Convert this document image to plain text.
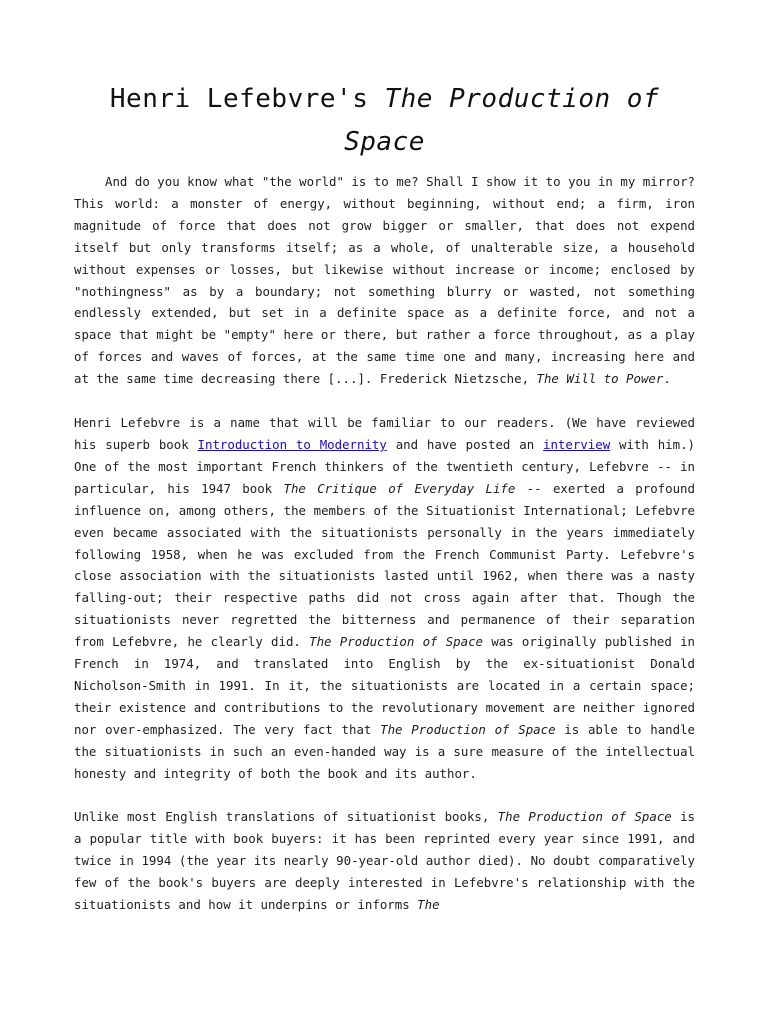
Henri Lefebvre's The Production of Space

And do you know what "the world" is to me? Shall I show it to you in my mirror? This world: a monster of energy, without beginning, without end; a firm, iron magnitude of force that does not grow bigger or smaller, that does not expend itself but only transforms itself; as a whole, of unalterable size, a household without expenses or losses, but likewise without increase or income; enclosed by "nothingness" as by a boundary; not something blurry or wasted, not something endlessly extended, but set in a definite space as a definite force, and not a space that might be "empty" here or there, but rather a force throughout, as a play of forces and waves of forces, at the same time one and many, increasing here and at the same time decreasing there [...]. Frederick Nietzsche, The Will to Power.

Henri Lefebvre is a name that will be familiar to our readers. (We have reviewed his superb book Introduction to Modernity and have posted an interview with him.) One of the most important French thinkers of the twentieth century, Lefebvre -- in particular, his 1947 book The Critique of Everyday Life -- exerted a profound influence on, among others, the members of the Situationist International; Lefebvre even became associated with the situationists personally in the years immediately following 1958, when he was excluded from the French Communist Party. Lefebvre's close association with the situationists lasted until 1962, when there was a nasty falling-out; their respective paths did not cross again after that. Though the situationists never regretted the bitterness and permanence of their separation from Lefebvre, he clearly did. The Production of Space was originally published in French in 1974, and translated into English by the ex-situationist Donald Nicholson-Smith in 1991. In it, the situationists are located in a certain space; their existence and contributions to the revolutionary movement are neither ignored nor over-emphasized. The very fact that The Production of Space is able to handle the situationists in such an even-handed way is a sure measure of the intellectual honesty and integrity of both the book and its author.

Unlike most English translations of situationist books, The Production of Space is a popular title with book buyers: it has been reprinted every year since 1991, and twice in 1994 (the year its nearly 90-year-old author died). No doubt comparatively few of the book's buyers are deeply interested in Lefebvre's relationship with the situationists and how it underpins or informs The
